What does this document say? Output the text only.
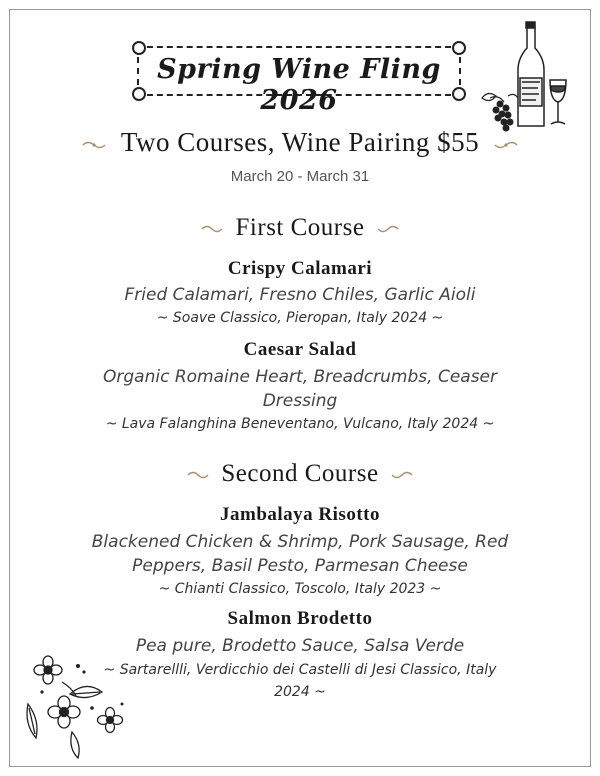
Spring Wine Fling 2026
Two Courses, Wine Pairing $55
March 20 - March 31
First Course
Crispy Calamari
Fried Calamari, Fresno Chiles, Garlic Aioli
~ Soave Classico, Pieropan, Italy 2024 ~
Caesar Salad
Organic Romaine Heart, Breadcrumbs, Ceaser
Dressing
~ Lava Falanghina Beneventano, Vulcano, Italy 2024 ~
Second Course
Jambalaya Risotto
Blackened Chicken & Shrimp, Pork Sausage, Red
Peppers, Basil Pesto, Parmesan Cheese
~ Chianti Classico, Toscolo, Italy 2023 ~
Salmon Brodetto
Pea pure, Brodetto Sauce, Salsa Verde
~ Sartarellli, Verdicchio dei Castelli di Jesi Classico, Italy
2024 ~
